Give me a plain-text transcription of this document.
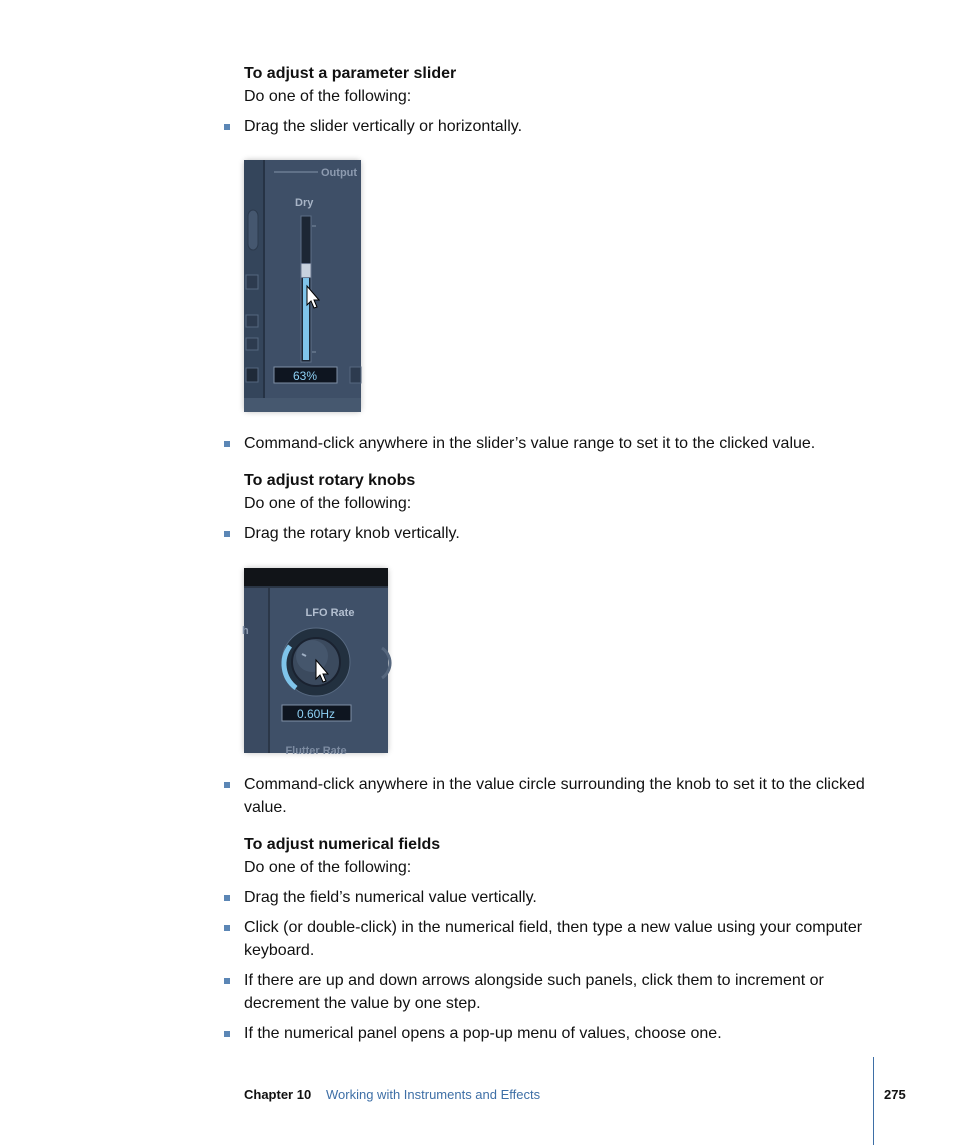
To adjust a parameter slider
Do one of the following:
Drag the slider vertically or horizontally.
Output
Dry
63%
Command-click anywhere in the slider’s value range to set it to the clicked value.
To adjust rotary knobs
Do one of the following:
Drag the rotary knob vertically.
h
LFO Rate
0.60Hz
Flutter Rate
Command-click anywhere in the value circle surrounding the knob to set it to the clicked value.
To adjust numerical fields
Do one of the following:
Drag the field’s numerical value vertically.
Click (or double-click) in the numerical field, then type a new value using your computer keyboard.
If there are up and down arrows alongside such panels, click them to increment or decrement the value by one step.
If the numerical panel opens a pop-up menu of values, choose one.
Chapter 10 Working with Instruments and Effects	275
